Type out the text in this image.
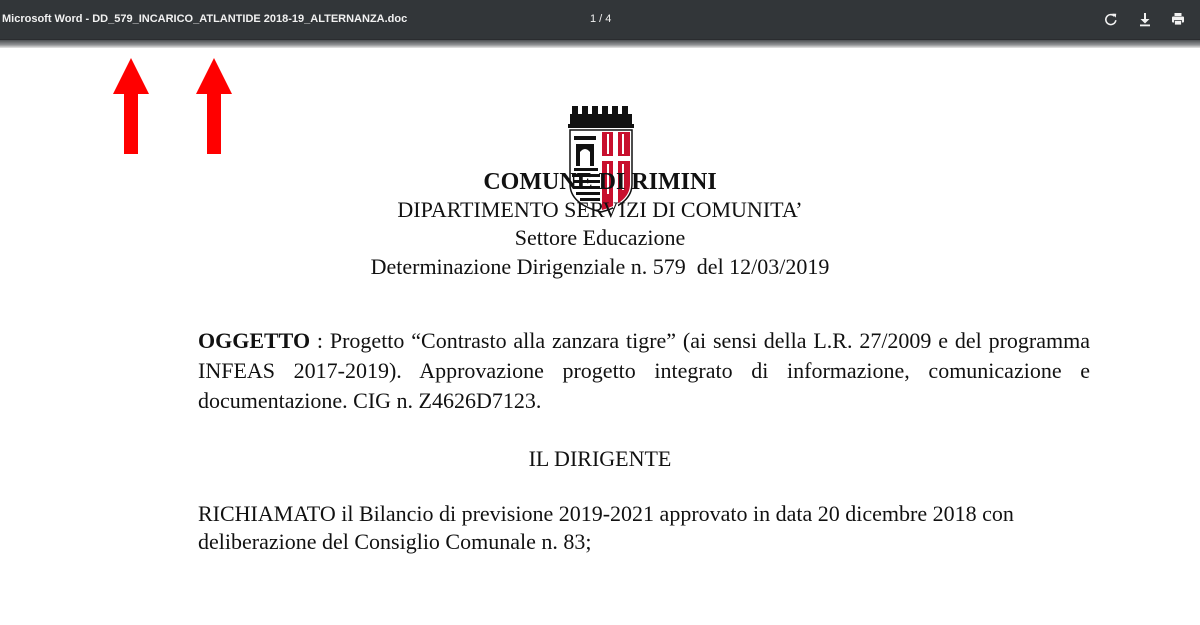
Microsoft Word - DD_579_INCARICO_ATLANTIDE 2018-19_ALTERNANZA.doc	1 / 4
COMUNE DI RIMINI
DIPARTIMENTO SERVIZI DI COMUNITA’
Settore Educazione
Determinazione Dirigenziale n. 579  del 12/03/2019
OGGETTO : Progetto “Contrasto alla zanzara tigre” (ai sensi della L.R. 27/2009 e del programma INFEAS 2017-2019). Approvazione progetto integrato di informazione, comunicazione e documentazione. CIG n. Z4626D7123.
IL DIRIGENTE
RICHIAMATO il Bilancio di previsione 2019-2021 approvato in data 20 dicembre 2018 con deliberazione del Consiglio Comunale n. 83;
